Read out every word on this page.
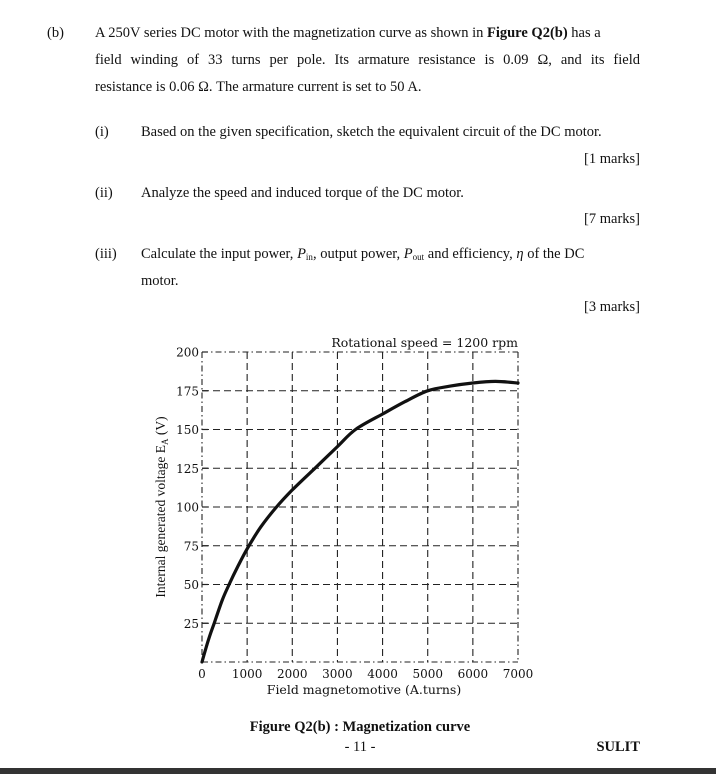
(b) A 250V series DC motor with the magnetization curve as shown in Figure Q2(b) has a
field winding of 33 turns per pole. Its armature resistance is 0.09 Ω, and its field
resistance is 0.06 Ω. The armature current is set to 50 A.
(i) Based on the given specification, sketch the equivalent circuit of the DC motor.
[1 marks]
(ii) Analyze the speed and induced torque of the DC motor.
[7 marks]
(iii) Calculate the input power, $P_{in}$, output power, $P_{out}$ and efficiency, η of the DC
motor.
[3 marks]
25
50
75
100
125
150
175
200
0 1000 2000 3000 4000 5000 6000 7000
Rotational speed = 1200 rpm
Field magnetomotive (A.turns)
Internal generated voltage $E_A$ (V)
Figure Q2(b) : Magnetization curve
- 11 -	SULIT
